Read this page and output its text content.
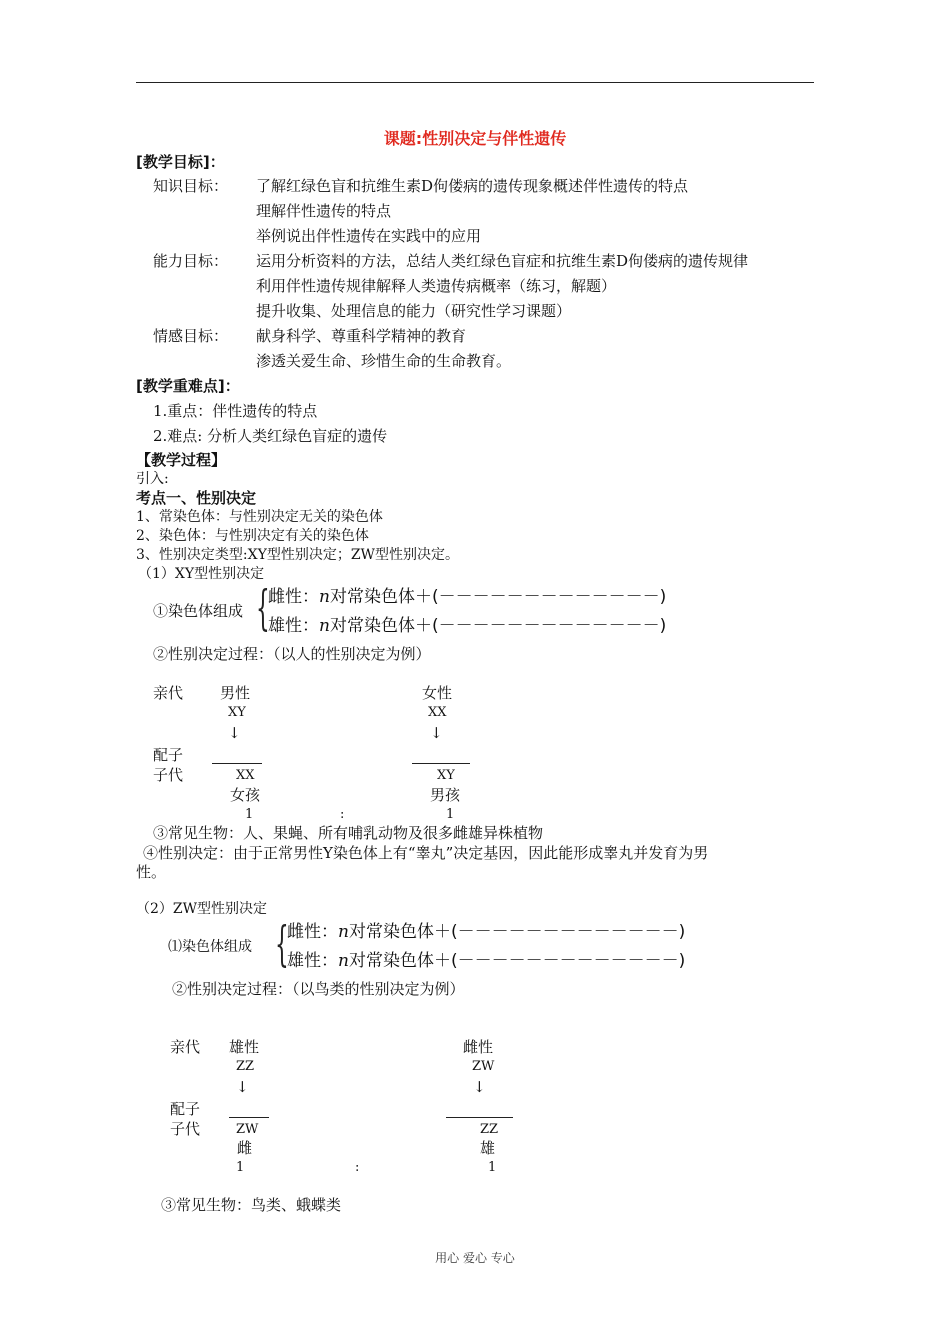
课题:性别决定与伴性遗传
[教学目标]：
知识目标： 了解红绿色盲和抗维生素D佝偻病的遗传现象概述伴性遗传的特点
理解伴性遗传的特点
举例说出伴性遗传在实践中的应用
能力目标： 运用分析资料的方法，总结人类红绿色盲症和抗维生素D佝偻病的遗传规律
利用伴性遗传规律解释人类遗传病概率（练习，解题）
提升收集、处理信息的能力（研究性学习课题）
情感目标： 献身科学、尊重科学精神的教育
渗透关爱生命、珍惜生命的生命教育。
[教学重难点]：
1.重点：伴性遗传的特点
2.难点: 分析人类红绿色盲症的遗传
【教学过程】
引入:
考点一、性别决定
1、常染色体：与性别决定无关的染色体
2、染色体：与性别决定有关的染色体
3、性别决定类型:XY型性别决定；ZW型性别决定。
（1）XY型性别决定
①染色体组成 {
雌性：n对常染色体＋(－－－－－－－－－－－－－)
雄性：n对常染色体＋(－－－－－－－－－－－－－)
②性别决定过程：（以人的性别决定为例）
亲代 男性	女性
XY	XX
↓	↓
配子
子代	XX	XY
女孩	男孩
1	:	1
③常见生物：人、果蝇、所有哺乳动物及很多雌雄异株植物
④性别决定：由于正常男性Y染色体上有“睾丸”决定基因，因此能形成睾丸并发育为男
性。
（2）ZW型性别决定
⑴染色体组成 {
雌性：n对常染色体＋(－－－－－－－－－－－－－)
雄性：n对常染色体＋(－－－－－－－－－－－－－)
②性别决定过程：（以鸟类的性别决定为例）
亲代 雄性	雌性
ZZ	ZW
↓	↓
配子
子代	ZW	ZZ
雌	雄
1	:	1
③常见生物：鸟类、蛾蝶类
用心 爱心 专心
